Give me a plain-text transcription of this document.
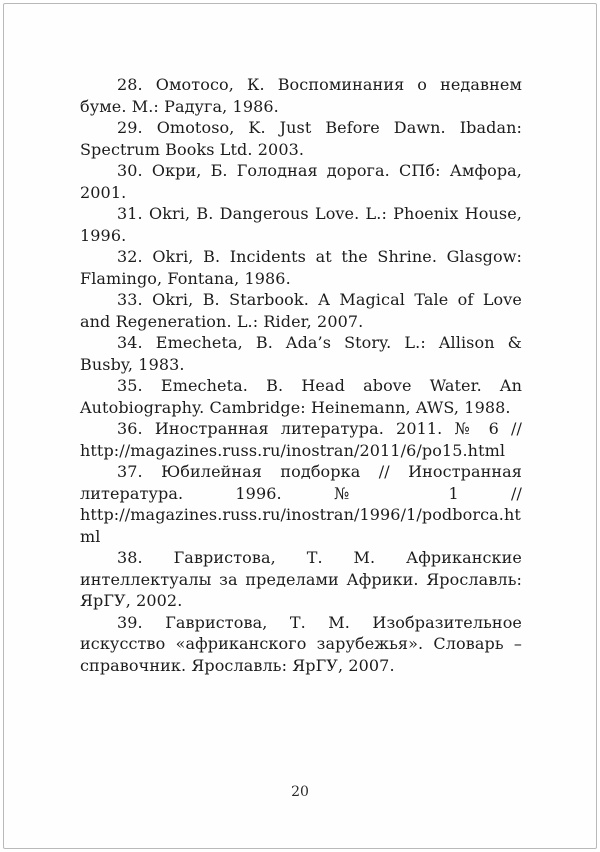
28. Омотосо, К. Воспоминания о недавнем буме. М.: Радуга, 1986.

29. Omotoso, K. Just Before Dawn. Ibadan: Spectrum Books Ltd. 2003.

30. Окри, Б. Голодная дорога. СПб: Амфора, 2001.

31. Okri, B. Dangerous Love. L.: Phoenix House, 1996.

32. Okri, B. Incidents at the Shrine. Glasgow: Flamingo, Fontana, 1986.

33. Okri, B. Starbook. A Magical Tale of Love and Regeneration. L.: Rider, 2007.

34. Emecheta, B. Ada’s Story. L.: Allison & Busby, 1983.

35. Emecheta. B. Head above Water. An Autobiography. Cambridge: Heinemann, AWS, 1988.

36. Иностранная литература. 2011. № 6 // http://magazines.russ.ru/inostran/2011/6/po15.html

37. Юбилейная подборка // Иностранная литература. 1996. № 1 // http://magazines.russ.ru/inostran/1996/1/podborca.html

38. Гавристова, Т. М. Африканские интеллектуалы за пределами Африки. Ярославль: ЯрГУ, 2002.

39. Гавристова, Т. М. Изобразительное искусство «африканского зарубежья». Словарь – справочник. Ярославль: ЯрГУ, 2007.

20
